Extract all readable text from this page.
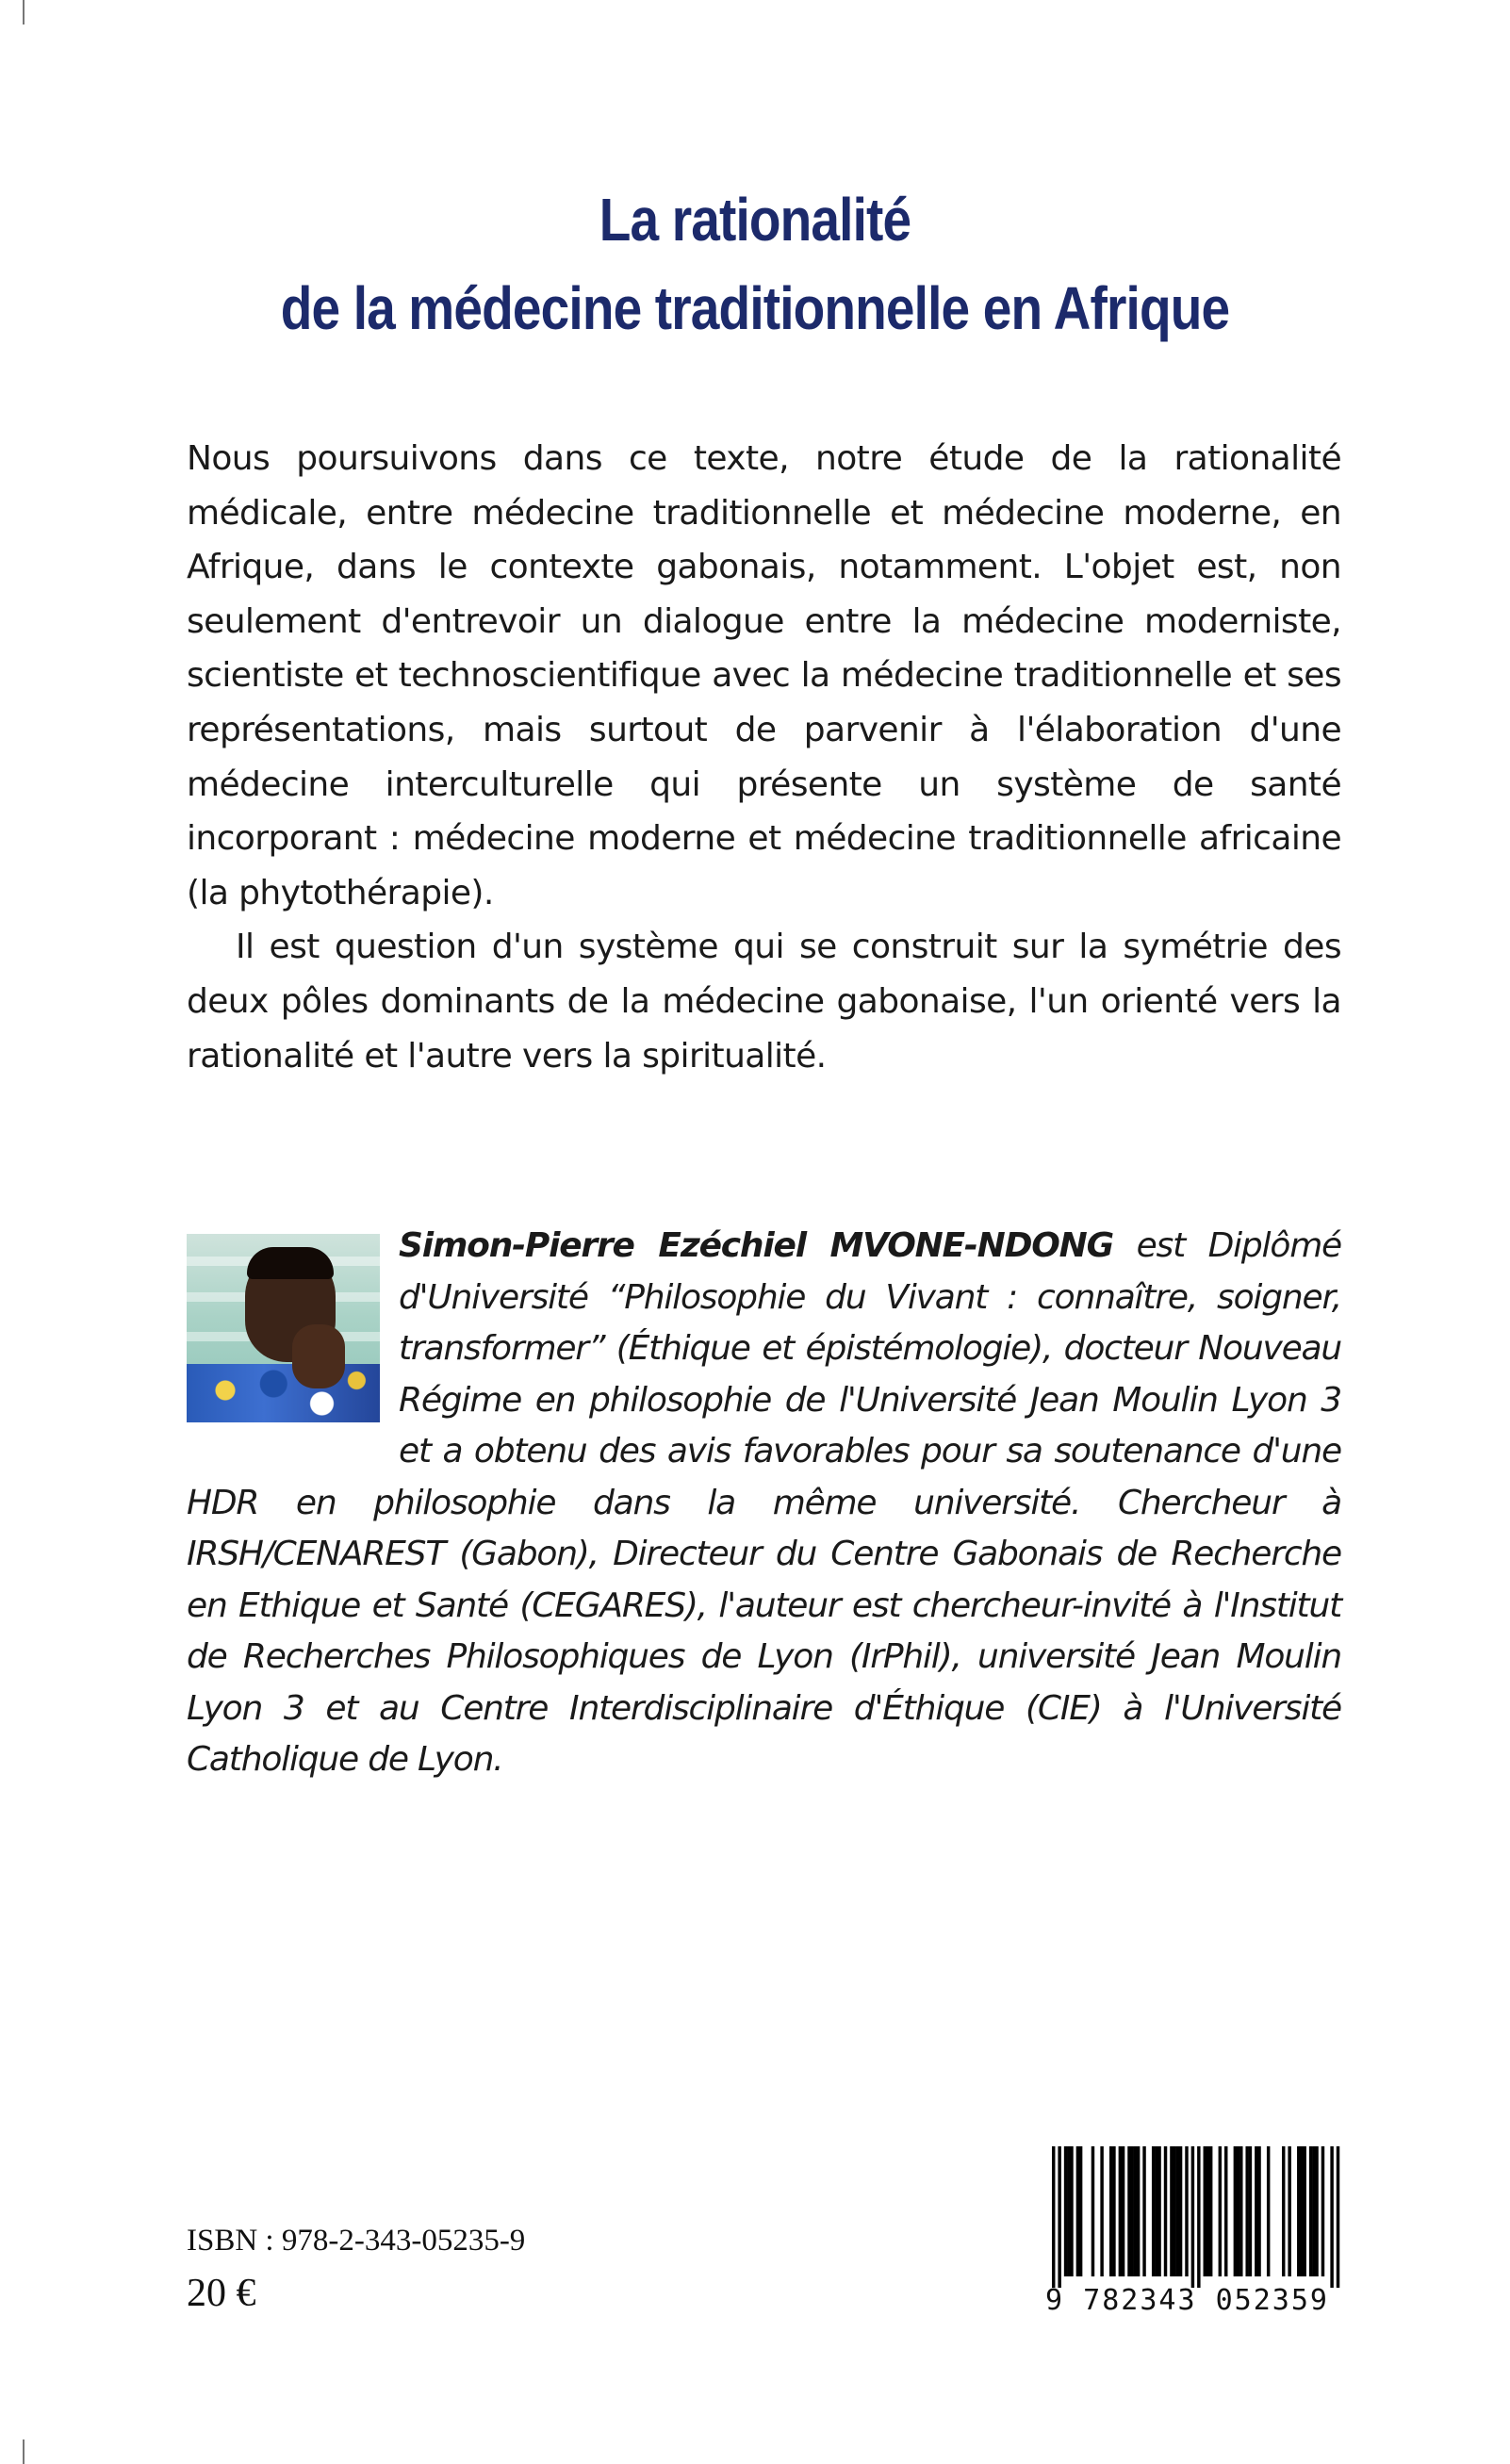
La rationalité
de la médecine traditionnelle en Afrique

Nous poursuivons dans ce texte, notre étude de la rationalité médicale, entre médecine traditionnelle et médecine moderne, en Afrique, dans le contexte gabonais, notamment. L'objet est, non seulement d'entrevoir un dialogue entre la médecine moderniste, scientiste et technoscientifique avec la médecine traditionnelle et ses représentations, mais surtout de parvenir à l'élaboration d'une médecine interculturelle qui présente un système de santé incorporant : médecine moderne et médecine traditionnelle africaine (la phytothérapie).

Il est question d'un système qui se construit sur la symétrie des deux pôles dominants de la médecine gabonaise, l'un orienté vers la rationalité et l'autre vers la spiritualité.

Simon-Pierre Ezéchiel MVONE-NDONG est Diplômé d'Université “Philosophie du Vivant : connaître, soigner, transformer” (Éthique et épistémologie), docteur Nouveau Régime en philosophie de l'Université Jean Moulin Lyon 3 et a obtenu des avis favorables pour sa soutenance d'une HDR en philosophie dans la même université. Chercheur à IRSH/CENAREST (Gabon), Directeur du Centre Gabonais de Recherche en Ethique et Santé (CEGARES), l'auteur est chercheur-invité à l'Institut de Recherches Philosophiques de Lyon (IrPhil), université Jean Moulin Lyon 3 et au Centre Interdisciplinaire d'Éthique (CIE) à l'Université Catholique de Lyon.

ISBN : 978-2-343-05235-9
20 €	9 782343 052359
